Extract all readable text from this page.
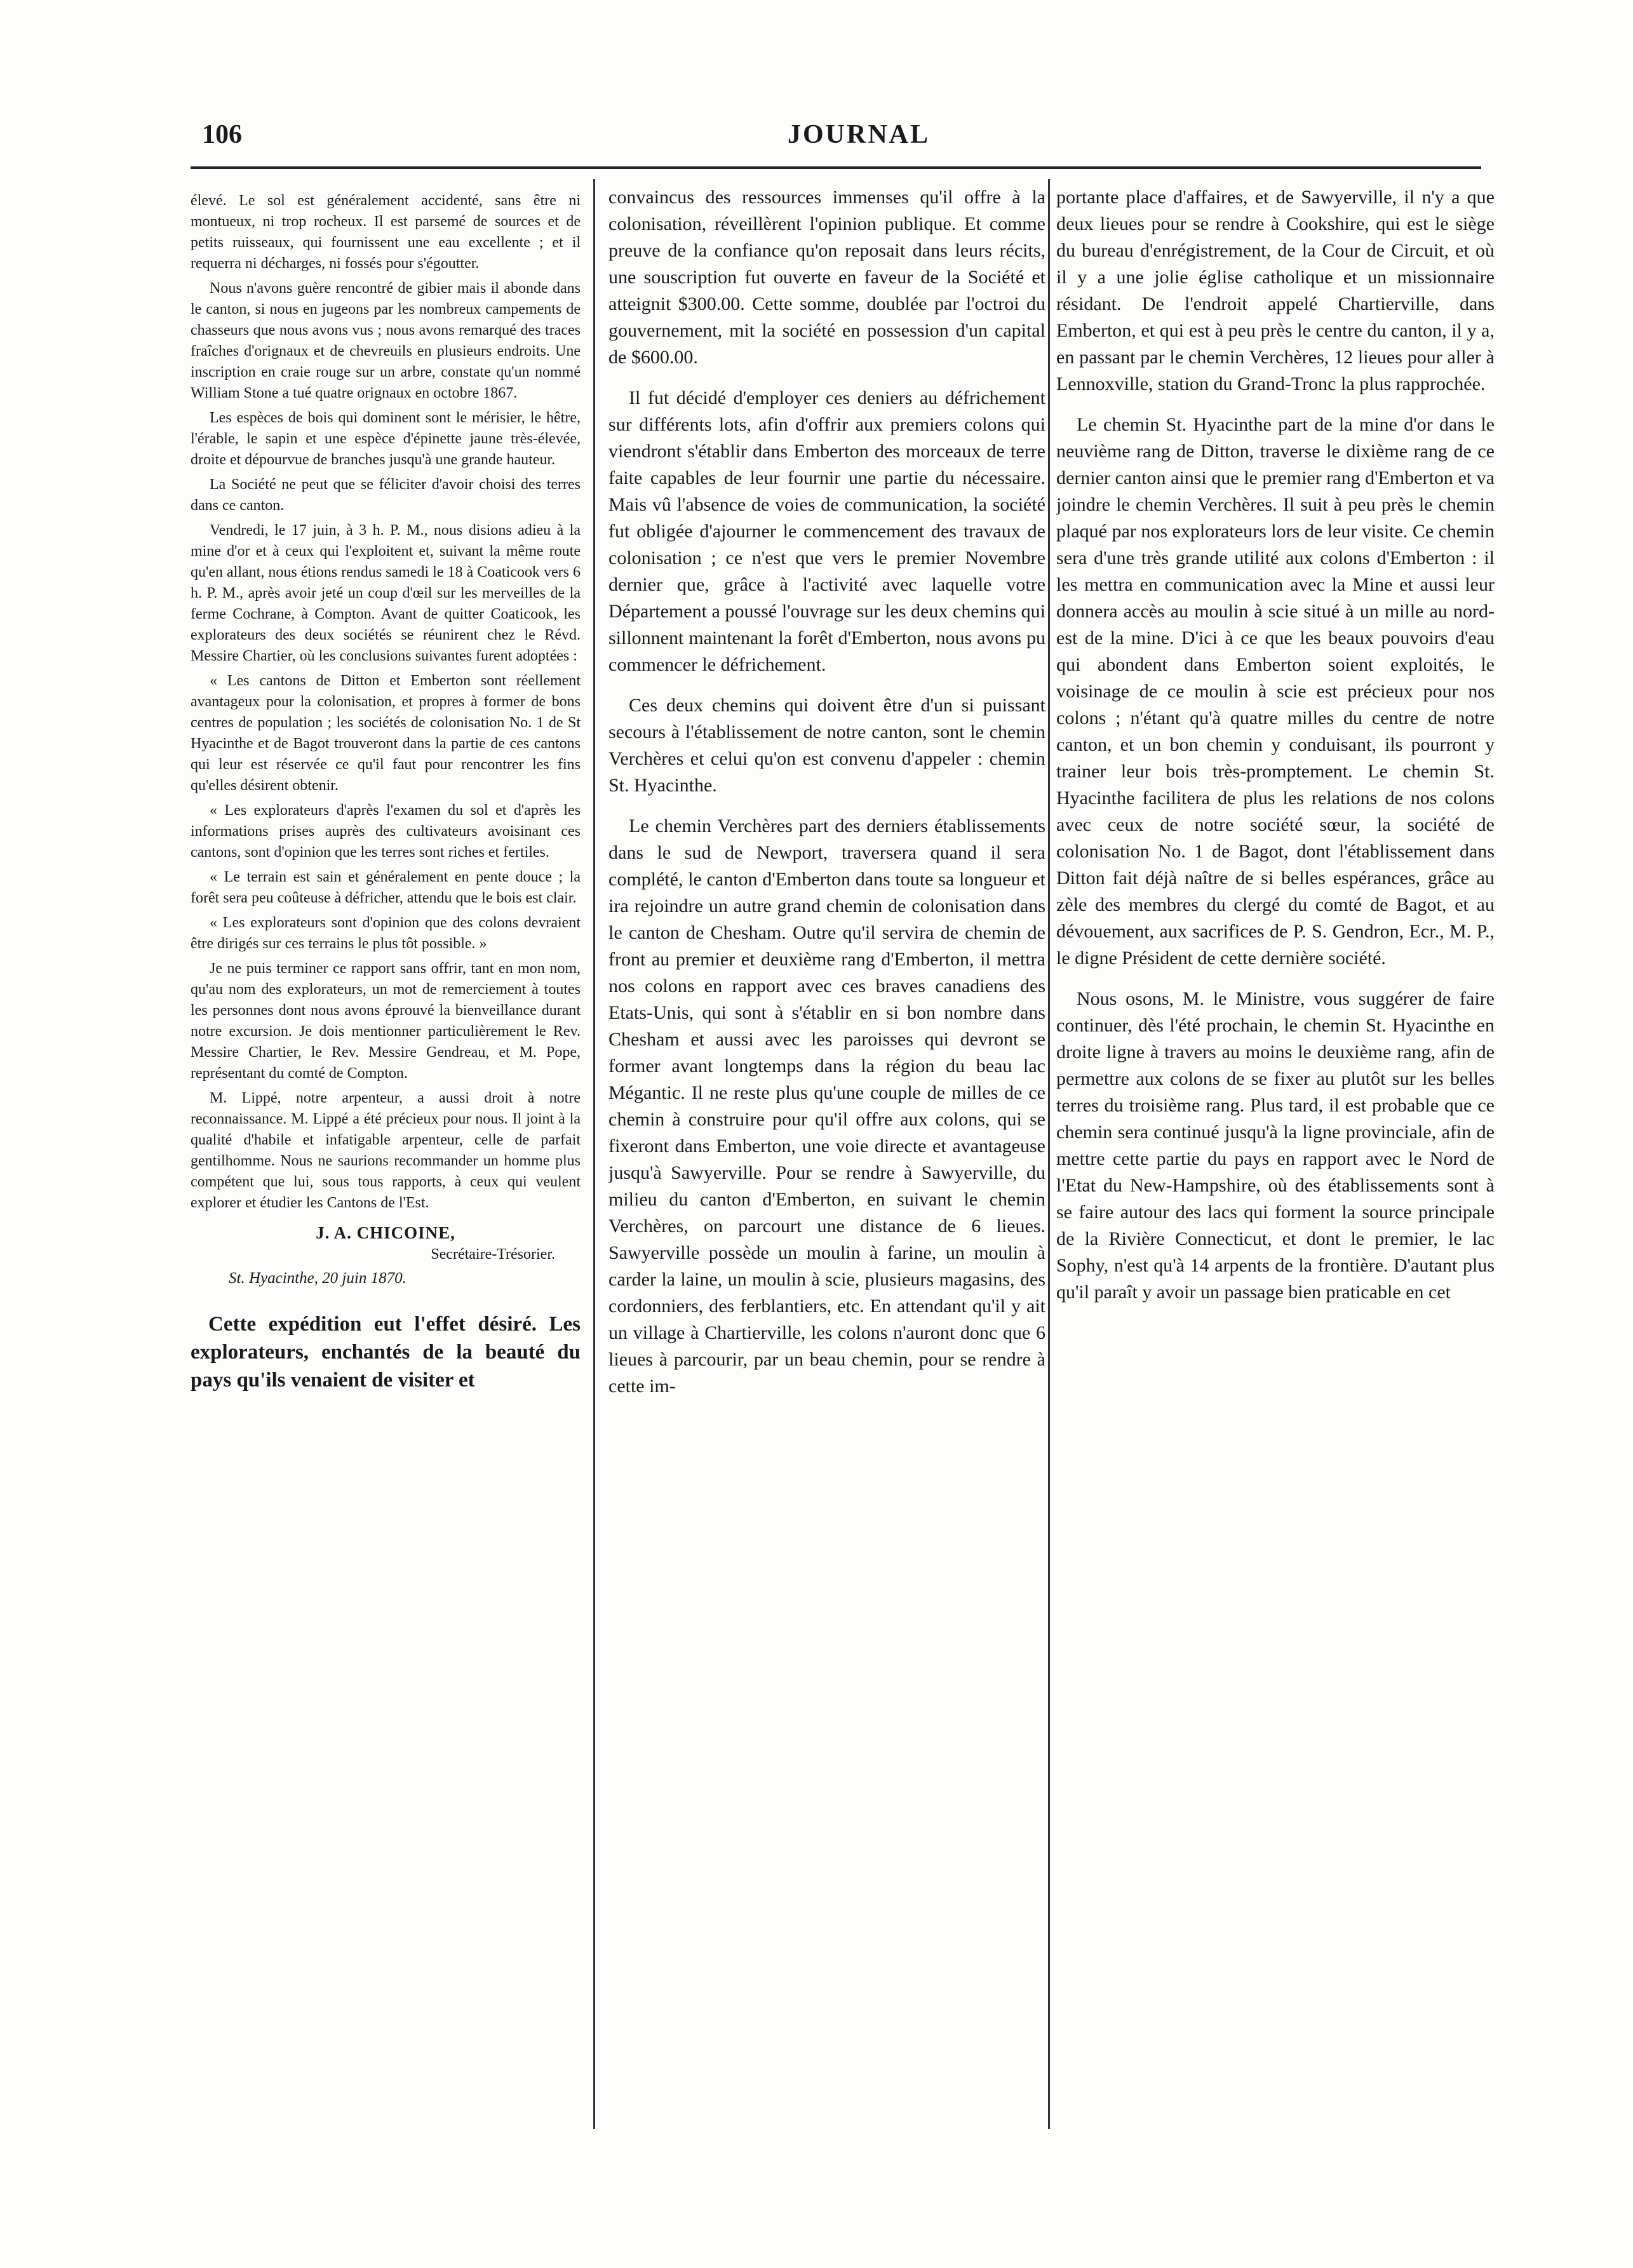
106	JOURNAL

élevé. Le sol est généralement accidenté, sans être ni montueux, ni trop rocheux. Il est parsemé de sources et de petits ruisseaux, qui fournissent une eau excellente ; et il requerra ni décharges, ni fossés pour s'égoutter.

Nous n'avons guère rencontré de gibier mais il abonde dans le canton, si nous en jugeons par les nombreux campements de chasseurs que nous avons vus ; nous avons remarqué des traces fraîches d'orignaux et de chevreuils en plusieurs endroits. Une inscription en craie rouge sur un arbre, constate qu'un nommé William Stone a tué quatre orignaux en octobre 1867.

Les espèces de bois qui dominent sont le mérisier, le hêtre, l'érable, le sapin et une espèce d'épinette jaune très-élevée, droite et dépourvue de branches jusqu'à une grande hauteur.

La Société ne peut que se féliciter d'avoir choisi des terres dans ce canton.

Vendredi, le 17 juin, à 3 h. P. M., nous disions adieu à la mine d'or et à ceux qui l'exploitent et, suivant la même route qu'en allant, nous étions rendus samedi le 18 à Coaticook vers 6 h. P. M., après avoir jeté un coup d'œil sur les merveilles de la ferme Cochrane, à Compton. Avant de quitter Coaticook, les explorateurs des deux sociétés se réunirent chez le Révd. Messire Chartier, où les conclusions suivantes furent adoptées :

« Les cantons de Ditton et Emberton sont réellement avantageux pour la colonisation, et propres à former de bons centres de population ; les sociétés de colonisation No. 1 de St Hyacinthe et de Bagot trouveront dans la partie de ces cantons qui leur est réservée ce qu'il faut pour rencontrer les fins qu'elles désirent obtenir.

« Les explorateurs d'après l'examen du sol et d'après les informations prises auprès des cultivateurs avoisinant ces cantons, sont d'opinion que les terres sont riches et fertiles.

« Le terrain est sain et généralement en pente douce ; la forêt sera peu coûteuse à défricher, attendu que le bois est clair.

« Les explorateurs sont d'opinion que des colons devraient être dirigés sur ces terrains le plus tôt possible. »

Je ne puis terminer ce rapport sans offrir, tant en mon nom, qu'au nom des explorateurs, un mot de remerciement à toutes les personnes dont nous avons éprouvé la bienveillance durant notre excursion. Je dois mentionner particulièrement le Rev. Messire Chartier, le Rev. Messire Gendreau, et M. Pope, représentant du comté de Compton.

M. Lippé, notre arpenteur, a aussi droit à notre reconnaissance. M. Lippé a été précieux pour nous. Il joint à la qualité d'habile et infatigable arpenteur, celle de parfait gentilhomme. Nous ne saurions recommander un homme plus compétent que lui, sous tous rapports, à ceux qui veulent explorer et étudier les Cantons de l'Est.

J. A. CHICOINE,
Secrétaire-Trésorier.
St. Hyacinthe, 20 juin 1870.

Cette expédition eut l'effet désiré. Les explorateurs, enchantés de la beauté du pays qu'ils venaient de visiter et

convaincus des ressources immenses qu'il offre à la colonisation, réveillèrent l'opinion publique. Et comme preuve de la confiance qu'on reposait dans leurs récits, une souscription fut ouverte en faveur de la Société et atteignit $300.00. Cette somme, doublée par l'octroi du gouvernement, mit la société en possession d'un capital de $600.00.

Il fut décidé d'employer ces deniers au défrichement sur différents lots, afin d'offrir aux premiers colons qui viendront s'établir dans Emberton des morceaux de terre faite capables de leur fournir une partie du nécessaire. Mais vû l'absence de voies de communication, la société fut obligée d'ajourner le commencement des travaux de colonisation ; ce n'est que vers le premier Novembre dernier que, grâce à l'activité avec laquelle votre Département a poussé l'ouvrage sur les deux chemins qui sillonnent maintenant la forêt d'Emberton, nous avons pu commencer le défrichement.

Ces deux chemins qui doivent être d'un si puissant secours à l'établissement de notre canton, sont le chemin Verchères et celui qu'on est convenu d'appeler : chemin St. Hyacinthe.

Le chemin Verchères part des derniers établissements dans le sud de Newport, traversera quand il sera complété, le canton d'Emberton dans toute sa longueur et ira rejoindre un autre grand chemin de colonisation dans le canton de Chesham. Outre qu'il servira de chemin de front au premier et deuxième rang d'Emberton, il mettra nos colons en rapport avec ces braves canadiens des Etats-Unis, qui sont à s'établir en si bon nombre dans Chesham et aussi avec les paroisses qui devront se former avant longtemps dans la région du beau lac Mégantic. Il ne reste plus qu'une couple de milles de ce chemin à construire pour qu'il offre aux colons, qui se fixeront dans Emberton, une voie directe et avantageuse jusqu'à Sawyerville. Pour se rendre à Sawyerville, du milieu du canton d'Emberton, en suivant le chemin Verchères, on parcourt une distance de 6 lieues. Sawyerville possède un moulin à farine, un moulin à carder la laine, un moulin à scie, plusieurs magasins, des cordonniers, des ferblantiers, etc. En attendant qu'il y ait un village à Chartierville, les colons n'auront donc que 6 lieues à parcourir, par un beau chemin, pour se rendre à cette im-

portante place d'affaires, et de Sawyerville, il n'y a que deux lieues pour se rendre à Cookshire, qui est le siège du bureau d'enrégistrement, de la Cour de Circuit, et où il y a une jolie église catholique et un missionnaire résidant. De l'endroit appelé Chartierville, dans Emberton, et qui est à peu près le centre du canton, il y a, en passant par le chemin Verchères, 12 lieues pour aller à Lennoxville, station du Grand-Tronc la plus rapprochée.

Le chemin St. Hyacinthe part de la mine d'or dans le neuvième rang de Ditton, traverse le dixième rang de ce dernier canton ainsi que le premier rang d'Emberton et va joindre le chemin Verchères. Il suit à peu près le chemin plaqué par nos explorateurs lors de leur visite. Ce chemin sera d'une très grande utilité aux colons d'Emberton : il les mettra en communication avec la Mine et aussi leur donnera accès au moulin à scie situé à un mille au nord-est de la mine. D'ici à ce que les beaux pouvoirs d'eau qui abondent dans Emberton soient exploités, le voisinage de ce moulin à scie est précieux pour nos colons ; n'étant qu'à quatre milles du centre de notre canton, et un bon chemin y conduisant, ils pourront y trainer leur bois très-promptement. Le chemin St. Hyacinthe facilitera de plus les relations de nos colons avec ceux de notre société sœur, la société de colonisation No. 1 de Bagot, dont l'établissement dans Ditton fait déjà naître de si belles espérances, grâce au zèle des membres du clergé du comté de Bagot, et au dévouement, aux sacrifices de P. S. Gendron, Ecr., M. P., le digne Président de cette dernière société.

Nous osons, M. le Ministre, vous suggérer de faire continuer, dès l'été prochain, le chemin St. Hyacinthe en droite ligne à travers au moins le deuxième rang, afin de permettre aux colons de se fixer au plutôt sur les belles terres du troisième rang. Plus tard, il est probable que ce chemin sera continué jusqu'à la ligne provinciale, afin de mettre cette partie du pays en rapport avec le Nord de l'Etat du New-Hampshire, où des établissements sont à se faire autour des lacs qui forment la source principale de la Rivière Connecticut, et dont le premier, le lac Sophy, n'est qu'à 14 arpents de la frontière. D'autant plus qu'il paraît y avoir un passage bien praticable en cet
